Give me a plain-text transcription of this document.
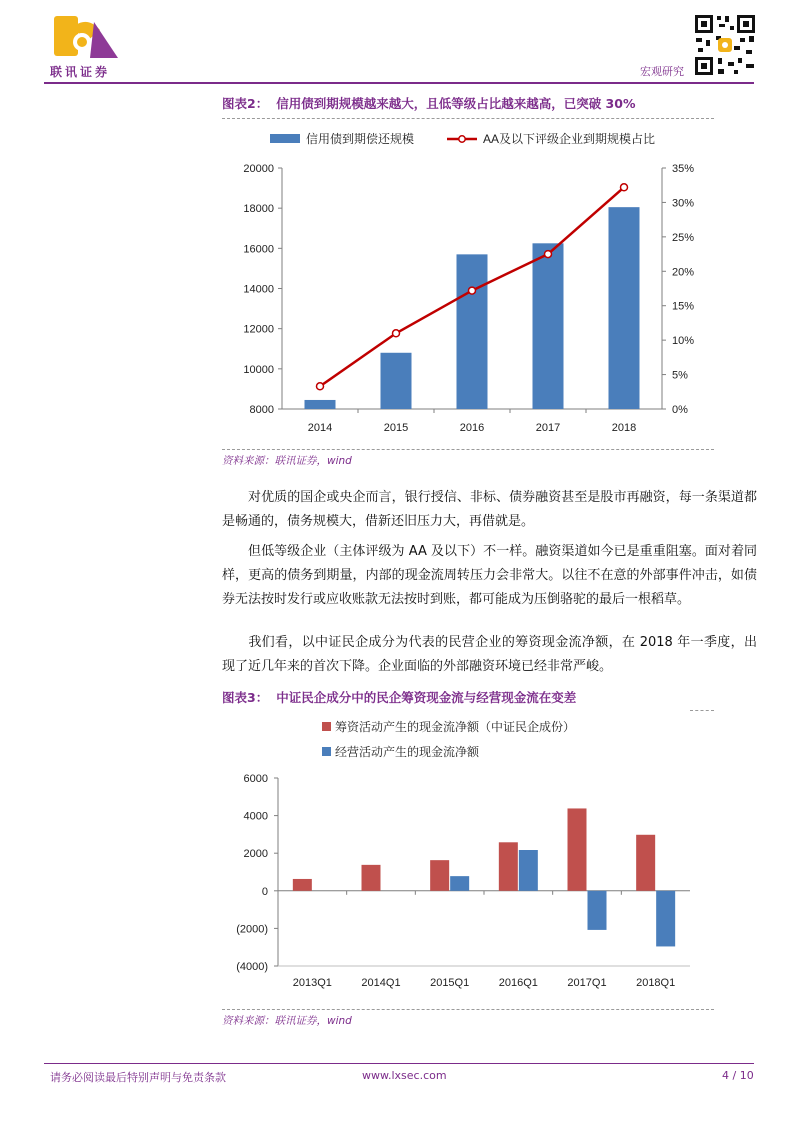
联讯证券	宏观研究
图表2： 信用债到期规模越来越大，且低等级占比越来越高，已突破 30%
信用债到期偿还规模	AA及以下评级企业到期规模占比
8000
10000
12000
14000
16000
18000
20000
0%
5%
10%
15%
20%
25%
30%
35%
2014	2015	2016	2017	2018
资料来源：联讯证券，wind
对优质的国企或央企而言，银行授信、非标、债券融资甚至是股市再融资，每一条渠道都是畅通的，债务规模大，借新还旧压力大，再借就是。
但低等级企业（主体评级为 AA 及以下）不一样。融资渠道如今已是重重阻塞。面对着同样，更高的债务到期量，内部的现金流周转压力会非常大。以往不在意的外部事件冲击，如债券无法按时发行或应收账款无法按时到账，都可能成为压倒骆驼的最后一根稻草。
我们看，以中证民企成分为代表的民营企业的筹资现金流净额，在 2018 年一季度，出现了近几年来的首次下降。企业面临的外部融资环境已经非常严峻。
图表3： 中证民企成分中的民企筹资现金流与经营现金流在变差
筹资活动产生的现金流净额（中证民企成份）
经营活动产生的现金流净额
(4000)
(2000)
0
2000
4000
6000
2013Q1	2014Q1	2015Q1	2016Q1	2017Q1	2018Q1
资料来源：联讯证券，wind
请务必阅读最后特别声明与免责条款	www.lxsec.com	4 / 10
